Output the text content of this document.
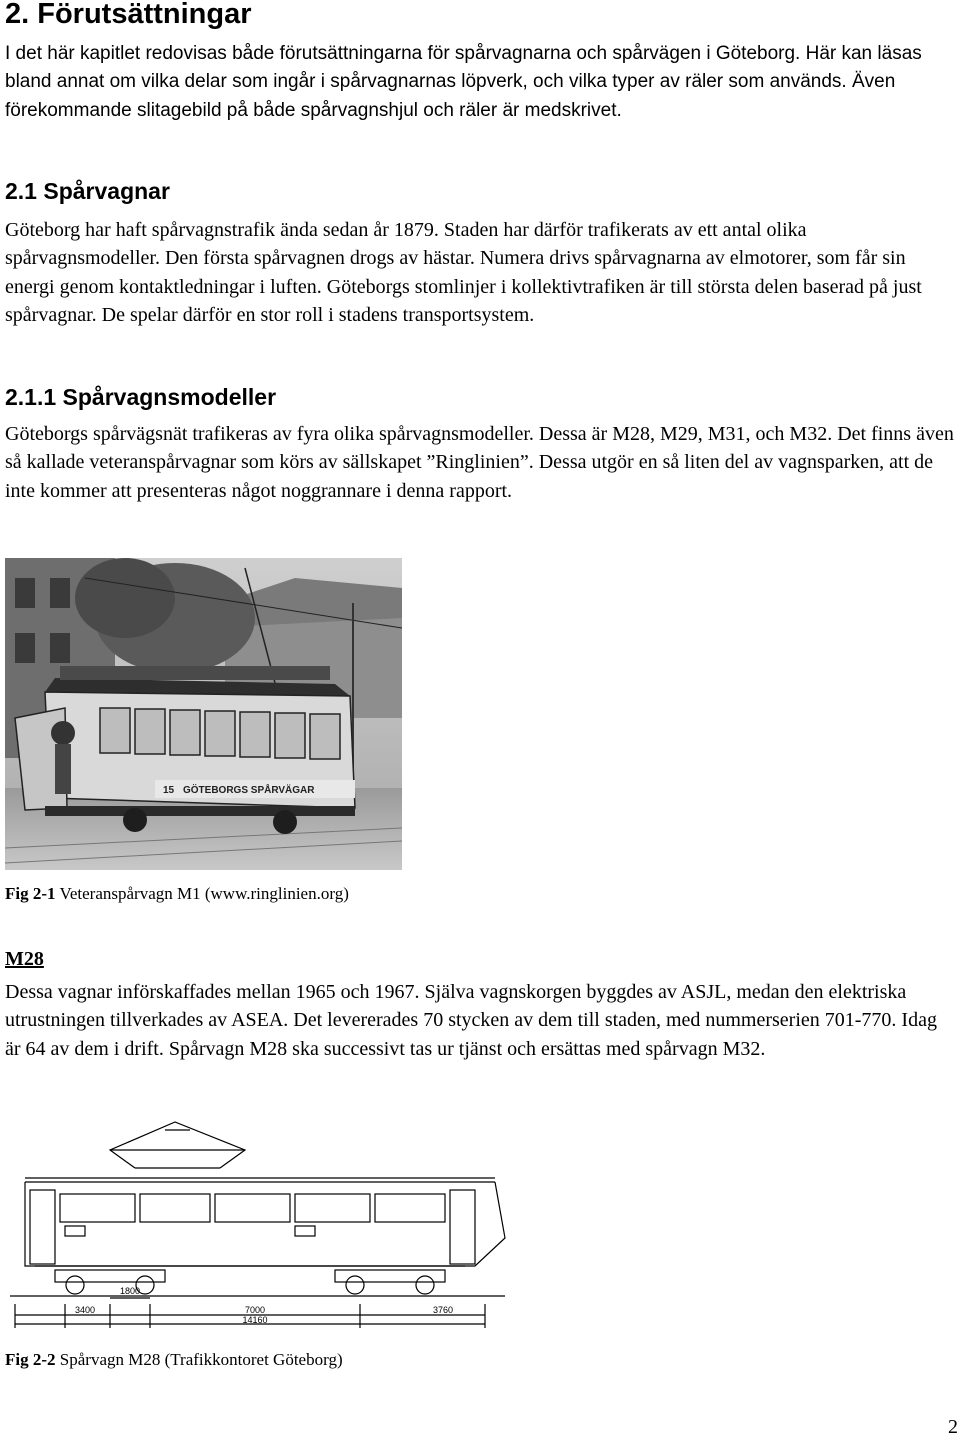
2. Förutsättningar

I det här kapitlet redovisas både förutsättningarna för spårvagnarna och spårvägen i Göteborg. Här kan läsas bland annat om vilka delar som ingår i spårvagnarnas löpverk, och vilka typer av räler som används. Även förekommande slitagebild på både spårvagnshjul och räler är medskrivet.

2.1 Spårvagnar

Göteborg har haft spårvagnstrafik ända sedan år 1879. Staden har därför trafikerats av ett antal olika spårvagnsmodeller. Den första spårvagnen drogs av hästar. Numera drivs spårvagnarna av elmotorer, som får sin energi genom kontaktledningar i luften. Göteborgs stomlinjer i kollektivtrafiken är till största delen baserad på just spårvagnar. De spelar därför en stor roll i stadens transportsystem.

2.1.1 Spårvagnsmodeller

Göteborgs spårvägsnät trafikeras av fyra olika spårvagnsmodeller. Dessa är M28, M29, M31, och M32. Det finns även så kallade veteranspårvagnar som körs av sällskapet ”Ringlinien”. Dessa utgör en så liten del av vagnsparken, att de inte kommer att presenteras något noggrannare i denna rapport.

15 GÖTEBORGS SPÅRVÄGAR
Fig 2-1 Veteranspårvagn M1 (www.ringlinien.org)
M28

Dessa vagnar införskaffades mellan 1965 och 1967. Själva vagnskorgen byggdes av ASJL, medan den elektriska utrustningen tillverkades av ASEA. Det levererades 70 stycken av dem till staden, med nummerserien 701-770. Idag är 64 av dem i drift. Spårvagn M28 ska successivt tas ur tjänst och ersättas med spårvagn M32.

1800
3400	7000	3760
14160
Fig 2-2 Spårvagn M28 (Trafikkontoret Göteborg)
2
